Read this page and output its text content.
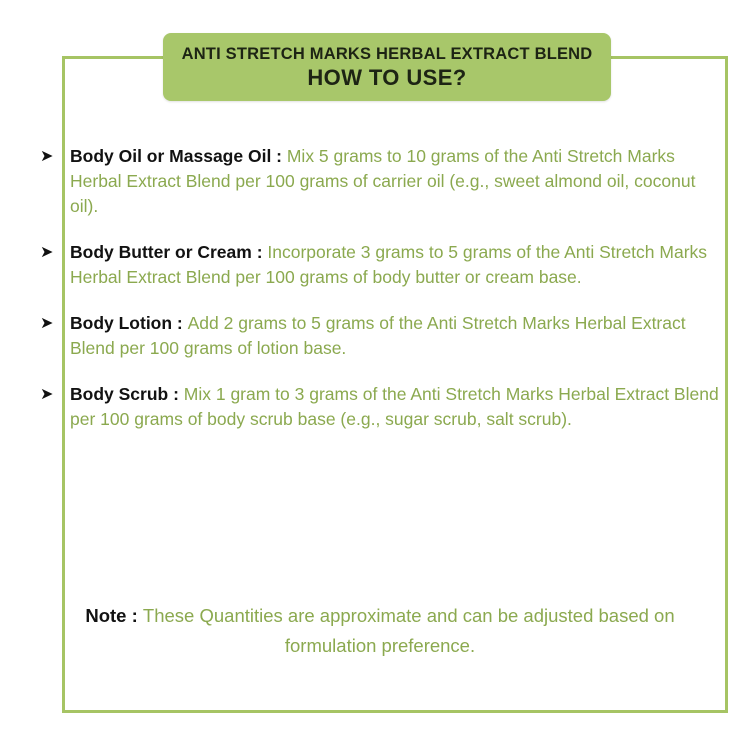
ANTI STRETCH MARKS HERBAL EXTRACT BLEND
HOW TO USE?
➤ Body Oil or Massage Oil : Mix 5 grams to 10 grams of the Anti Stretch Marks Herbal Extract Blend per 100 grams of carrier oil (e.g., sweet almond oil, coconut oil).
➤ Body Butter or Cream : Incorporate 3 grams to 5 grams of the Anti Stretch Marks Herbal Extract Blend per 100 grams of body butter or cream base.
➤ Body Lotion : Add 2 grams to 5 grams of the Anti Stretch Marks Herbal Extract Blend per 100 grams of lotion base.
➤ Body Scrub : Mix 1 gram to 3 grams of the Anti Stretch Marks Herbal Extract Blend per 100 grams of body scrub base (e.g., sugar scrub, salt scrub).
Note : These Quantities are approximate and can be adjusted based on formulation preference.
